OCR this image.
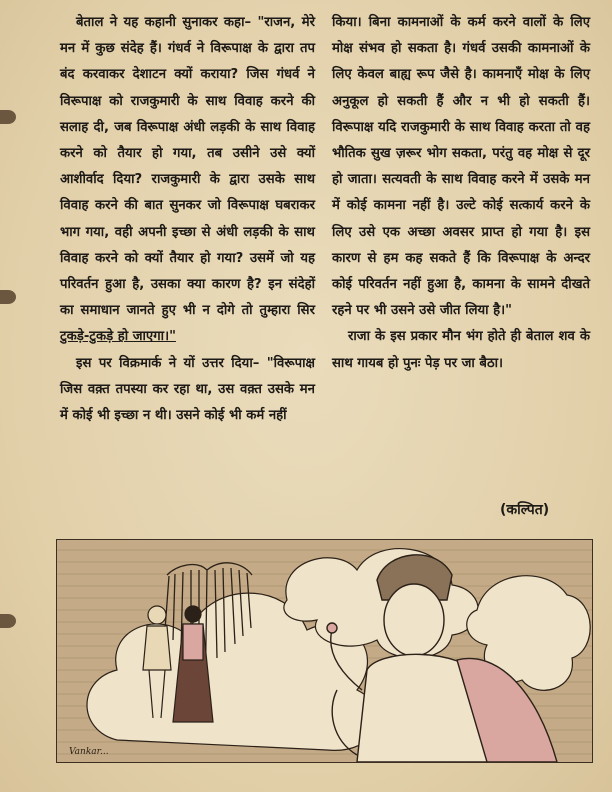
बेताल ने यह कहानी सुनाकर कहा– "राजन, मेरे मन में कुछ संदेह हैं। गंधर्व ने विरूपाक्ष के द्वारा तप बंद करवाकर देशाटन क्यों कराया? जिस गंधर्व ने विरूपाक्ष को राजकुमारी के साथ विवाह करने की सलाह दी, जब विरूपाक्ष अंधी लड़की के साथ विवाह करने को तैयार हो गया, तब उसीने उसे क्यों आशीर्वाद दिया? राजकुमारी के द्वारा उसके साथ विवाह करने की बात सुनकर जो विरूपाक्ष घबराकर भाग गया, वही अपनी इच्छा से अंधी लड़की के साथ विवाह करने को क्यों तैयार हो गया? उसमें जो यह परिवर्तन हुआ है, उसका क्या कारण है? इन संदेहों का समाधान जानते हुए भी न दोगे तो तुम्हारा सिर टुकड़े-टुकड़े हो जाएगा।"

इस पर विक्रमार्क ने यों उत्तर दिया– "विरूपाक्ष जिस वक़्त तपस्या कर रहा था, उस वक़्त उसके मन में कोई भी इच्छा न थी। उसने कोई भी कर्म नहीं

किया। बिना कामनाओं के कर्म करने वालों के लिए मोक्ष संभव हो सकता है। गंधर्व उसकी कामनाओं के लिए केवल बाह्य रूप जैसे है। कामनाएँ मोक्ष के लिए अनुकूल हो सकती हैं और न भी हो सकती हैं। विरूपाक्ष यदि राजकुमारी के साथ विवाह करता तो वह भौतिक सुख ज़रूर भोग सकता, परंतु वह मोक्ष से दूर हो जाता। सत्यवती के साथ विवाह करने में उसके मन में कोई कामना नहीं है। उल्टे कोई सत्कार्य करने के लिए उसे एक अच्छा अवसर प्राप्त हो गया है। इस कारण से हम कह सकते हैं कि विरूपाक्ष के अन्दर कोई परिवर्तन नहीं हुआ है, कामना के सामने दीखते रहने पर भी उसने उसे जीत लिया है।"

राजा के इस प्रकार मौन भंग होते ही बेताल शव के साथ गायब हो पुनः पेड़ पर जा बैठा।

(कल्पित)
Vankar...
